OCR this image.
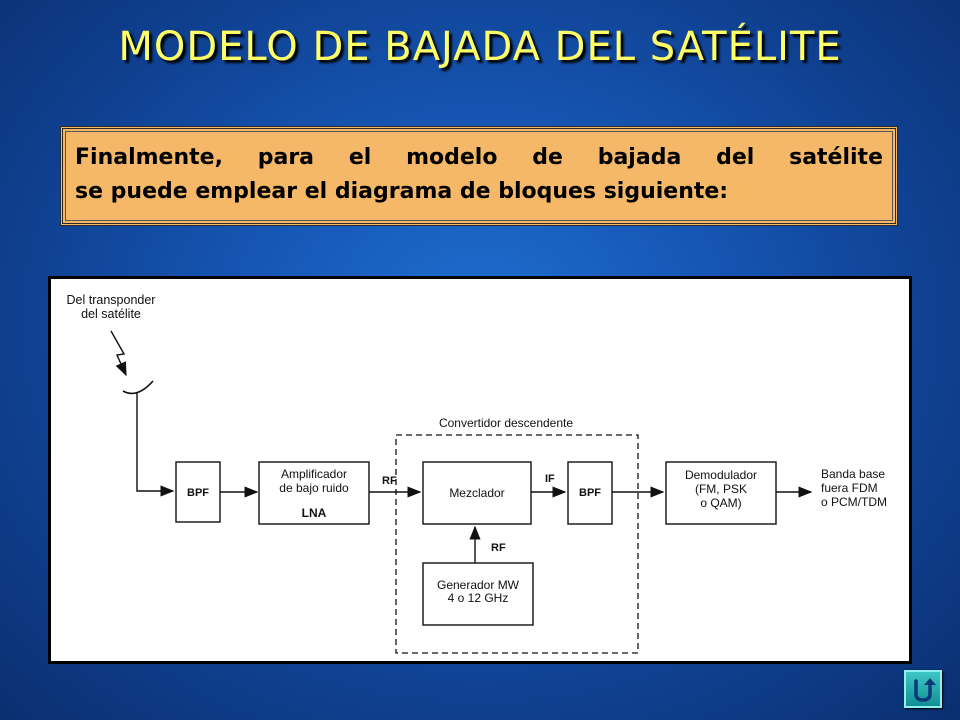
MODELO DE BAJADA DEL SATÉLITE

Finalmente, para el modelo de bajada del satélite

se puede emplear el diagrama de bloques siguiente:

Del transponder
del satélite
BPF
Amplificador
de bajo ruido
LNA
RF
Convertidor descendente
Mezclador
IF
BPF
Generador MW
4 o 12 GHz
RF
Demodulador
(FM, PSK
o QAM)
Banda base
fuera FDM
o PCM/TDM
